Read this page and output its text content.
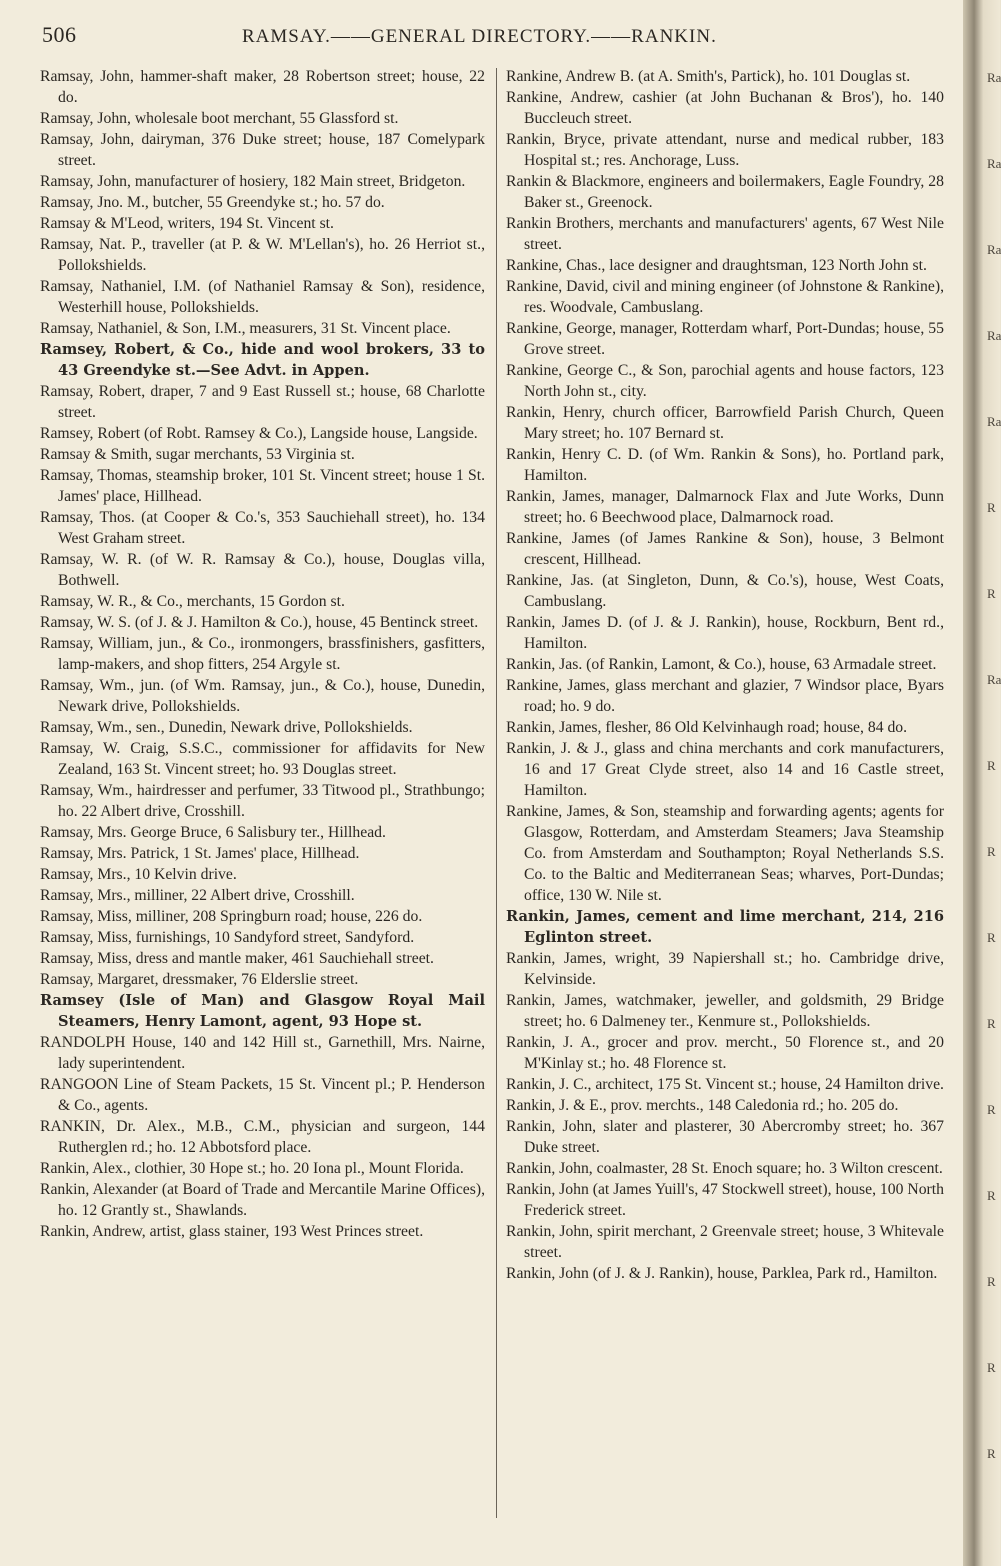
506	RAMSAY.——GENERAL DIRECTORY.——RANKIN.

Ramsay, John, hammer-shaft maker, 28 Robertson street; house, 22 do.

Ramsay, John, wholesale boot merchant, 55 Glassford st.

Ramsay, John, dairyman, 376 Duke street; house, 187 Comelypark street.

Ramsay, John, manufacturer of hosiery, 182 Main street, Bridgeton.

Ramsay, Jno. M., butcher, 55 Greendyke st.; ho. 57 do.

Ramsay & M'Leod, writers, 194 St. Vincent st.

Ramsay, Nat. P., traveller (at P. & W. M'Lellan's), ho. 26 Herriot st., Pollokshields.

Ramsay, Nathaniel, I.M. (of Nathaniel Ramsay & Son), residence, Westerhill house, Pollokshields.

Ramsay, Nathaniel, & Son, I.M., measurers, 31 St. Vincent place.

Ramsey, Robert, & Co., hide and wool brokers, 33 to 43 Greendyke st.—See Advt. in Appen.

Ramsay, Robert, draper, 7 and 9 East Russell st.; house, 68 Charlotte street.

Ramsey, Robert (of Robt. Ramsey & Co.), Langside house, Langside.

Ramsay & Smith, sugar merchants, 53 Virginia st.

Ramsay, Thomas, steamship broker, 101 St. Vincent street; house 1 St. James' place, Hillhead.

Ramsay, Thos. (at Cooper & Co.'s, 353 Sauchiehall street), ho. 134 West Graham street.

Ramsay, W. R. (of W. R. Ramsay & Co.), house, Douglas villa, Bothwell.

Ramsay, W. R., & Co., merchants, 15 Gordon st.

Ramsay, W. S. (of J. & J. Hamilton & Co.), house, 45 Bentinck street.

Ramsay, William, jun., & Co., ironmongers, brassfinishers, gasfitters, lamp-makers, and shop fitters, 254 Argyle st.

Ramsay, Wm., jun. (of Wm. Ramsay, jun., & Co.), house, Dunedin, Newark drive, Pollokshields.

Ramsay, Wm., sen., Dunedin, Newark drive, Pollokshields.

Ramsay, W. Craig, S.S.C., commissioner for affidavits for New Zealand, 163 St. Vincent street; ho. 93 Douglas street.

Ramsay, Wm., hairdresser and perfumer, 33 Titwood pl., Strathbungo; ho. 22 Albert drive, Crosshill.

Ramsay, Mrs. George Bruce, 6 Salisbury ter., Hillhead.

Ramsay, Mrs. Patrick, 1 St. James' place, Hillhead.

Ramsay, Mrs., 10 Kelvin drive.

Ramsay, Mrs., milliner, 22 Albert drive, Crosshill.

Ramsay, Miss, milliner, 208 Springburn road; house, 226 do.

Ramsay, Miss, furnishings, 10 Sandyford street, Sandyford.

Ramsay, Miss, dress and mantle maker, 461 Sauchiehall street.

Ramsay, Margaret, dressmaker, 76 Elderslie street.

Ramsey (Isle of Man) and Glasgow Royal Mail Steamers, Henry Lamont, agent, 93 Hope st.

RANDOLPH House, 140 and 142 Hill st., Garnethill, Mrs. Nairne, lady superintendent.

RANGOON Line of Steam Packets, 15 St. Vincent pl.; P. Henderson & Co., agents.

RANKIN, Dr. Alex., M.B., C.M., physician and surgeon, 144 Rutherglen rd.; ho. 12 Abbotsford place.

Rankin, Alex., clothier, 30 Hope st.; ho. 20 Iona pl., Mount Florida.

Rankin, Alexander (at Board of Trade and Mercantile Marine Offices), ho. 12 Grantly st., Shawlands.

Rankin, Andrew, artist, glass stainer, 193 West Princes street.

Rankine, Andrew B. (at A. Smith's, Partick), ho. 101 Douglas st.

Rankine, Andrew, cashier (at John Buchanan & Bros'), ho. 140 Buccleuch street.

Rankin, Bryce, private attendant, nurse and medical rubber, 183 Hospital st.; res. Anchorage, Luss.

Rankin & Blackmore, engineers and boilermakers, Eagle Foundry, 28 Baker st., Greenock.

Rankin Brothers, merchants and manufacturers' agents, 67 West Nile street.

Rankine, Chas., lace designer and draughtsman, 123 North John st.

Rankine, David, civil and mining engineer (of Johnstone & Rankine), res. Woodvale, Cambuslang.

Rankine, George, manager, Rotterdam wharf, Port-Dundas; house, 55 Grove street.

Rankine, George C., & Son, parochial agents and house factors, 123 North John st., city.

Rankin, Henry, church officer, Barrowfield Parish Church, Queen Mary street; ho. 107 Bernard st.

Rankin, Henry C. D. (of Wm. Rankin & Sons), ho. Portland park, Hamilton.

Rankin, James, manager, Dalmarnock Flax and Jute Works, Dunn street; ho. 6 Beechwood place, Dalmarnock road.

Rankine, James (of James Rankine & Son), house, 3 Belmont crescent, Hillhead.

Rankine, Jas. (at Singleton, Dunn, & Co.'s), house, West Coats, Cambuslang.

Rankin, James D. (of J. & J. Rankin), house, Rockburn, Bent rd., Hamilton.

Rankin, Jas. (of Rankin, Lamont, & Co.), house, 63 Armadale street.

Rankine, James, glass merchant and glazier, 7 Windsor place, Byars road; ho. 9 do.

Rankin, James, flesher, 86 Old Kelvinhaugh road; house, 84 do.

Rankin, J. & J., glass and china merchants and cork manufacturers, 16 and 17 Great Clyde street, also 14 and 16 Castle street, Hamilton.

Rankine, James, & Son, steamship and forwarding agents; agents for Glasgow, Rotterdam, and Amsterdam Steamers; Java Steamship Co. from Amsterdam and Southampton; Royal Netherlands S.S. Co. to the Baltic and Mediterranean Seas; wharves, Port-Dundas; office, 130 W. Nile st.

Rankin, James, cement and lime merchant, 214, 216 Eglinton street.

Rankin, James, wright, 39 Napiershall st.; ho. Cambridge drive, Kelvinside.

Rankin, James, watchmaker, jeweller, and goldsmith, 29 Bridge street; ho. 6 Dalmeney ter., Kenmure st., Pollokshields.

Rankin, J. A., grocer and prov. mercht., 50 Florence st., and 20 M'Kinlay st.; ho. 48 Florence st.

Rankin, J. C., architect, 175 St. Vincent st.; house, 24 Hamilton drive.

Rankin, J. & E., prov. merchts., 148 Caledonia rd.; ho. 205 do.

Rankin, John, slater and plasterer, 30 Abercromby street; ho. 367 Duke street.

Rankin, John, coalmaster, 28 St. Enoch square; ho. 3 Wilton crescent.

Rankin, John (at James Yuill's, 47 Stockwell street), house, 100 North Frederick street.

Rankin, John, spirit merchant, 2 Greenvale street; house, 3 Whitevale street.

Rankin, John (of J. & J. Rankin), house, Parklea, Park rd., Hamilton.

Ra
Ra
Ra
Ra
Ra
R
R
Ra
R
R
R
R
R
R
R
R
R
